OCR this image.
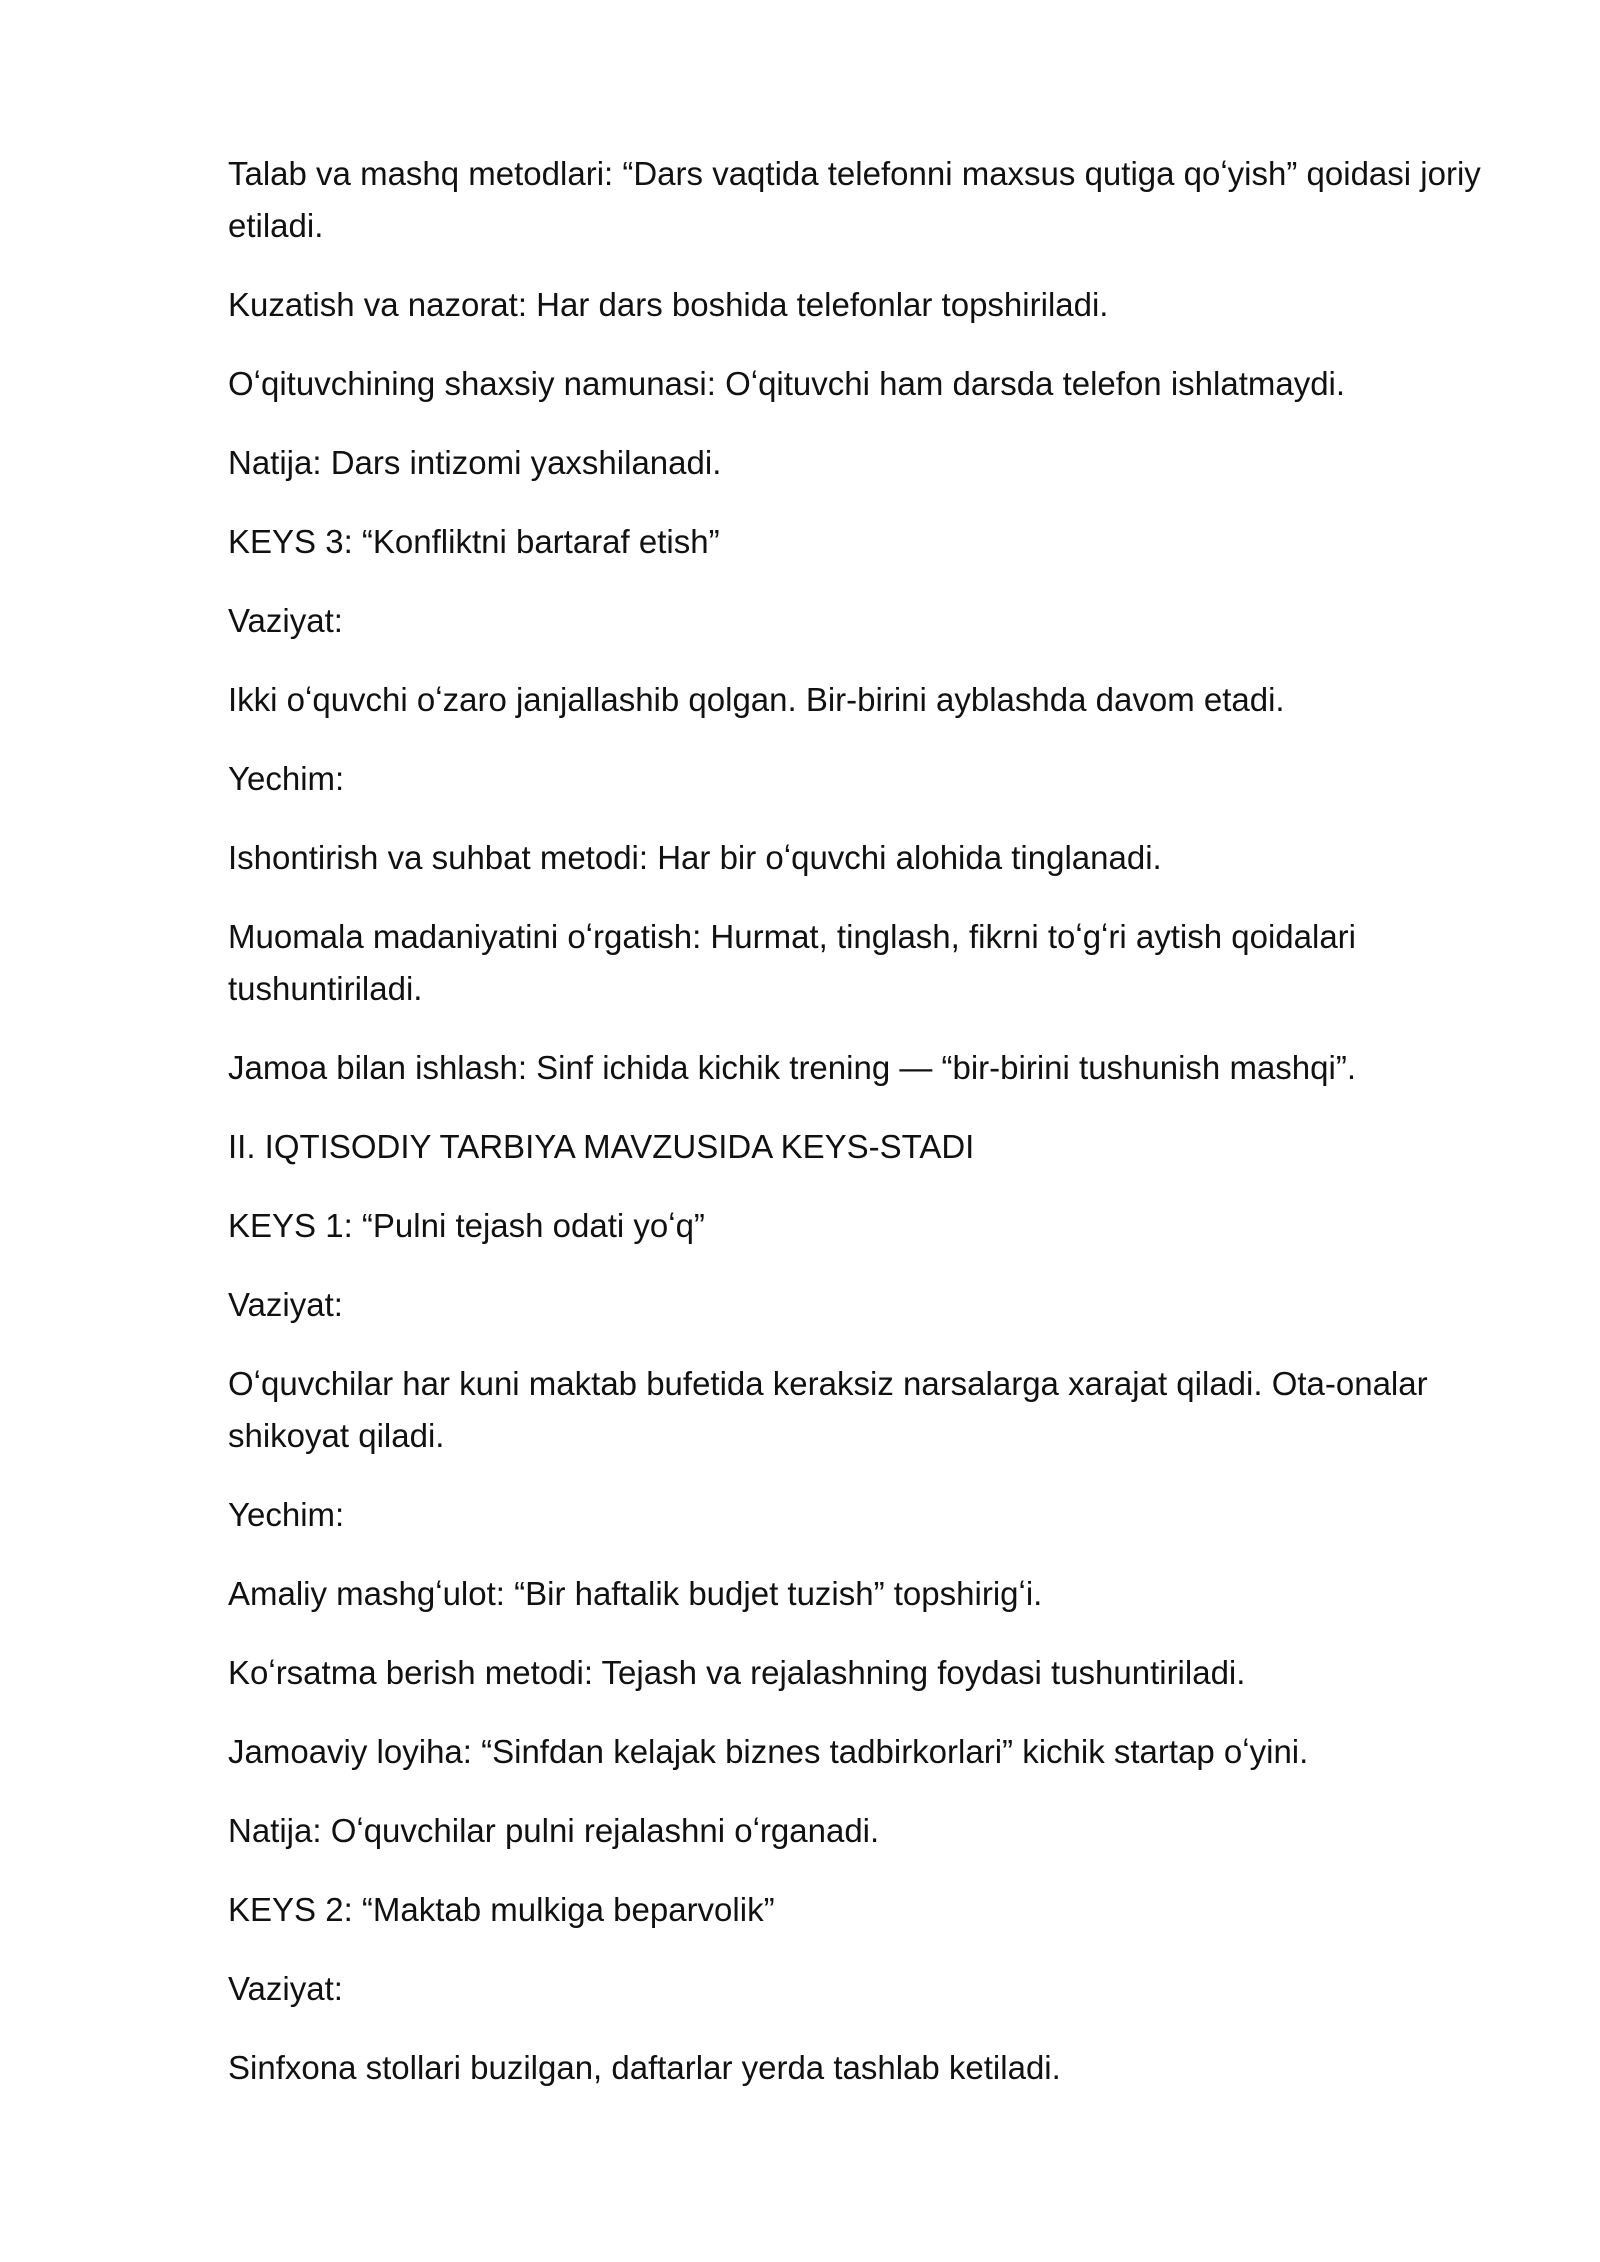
Talab va mashq metodlari: “Dars vaqtida telefonni maxsus qutiga qoʻyish” qoidasi joriy etiladi.

Kuzatish va nazorat: Har dars boshida telefonlar topshiriladi.

Oʻqituvchining shaxsiy namunasi: Oʻqituvchi ham darsda telefon ishlatmaydi.

Natija: Dars intizomi yaxshilanadi.

KEYS 3: “Konfliktni bartaraf etish”

Vaziyat:

Ikki oʻquvchi oʻzaro janjallashib qolgan. Bir-birini ayblashda davom etadi.

Yechim:

Ishontirish va suhbat metodi: Har bir oʻquvchi alohida tinglanadi.

Muomala madaniyatini oʻrgatish: Hurmat, tinglash, fikrni toʻgʻri aytish qoidalari tushuntiriladi.

Jamoa bilan ishlash: Sinf ichida kichik trening — “bir-birini tushunish mashqi”.

II. IQTISODIY TARBIYA MAVZUSIDA KEYS-STADI

KEYS 1: “Pulni tejash odati yoʻq”

Vaziyat:

Oʻquvchilar har kuni maktab bufetida keraksiz narsalarga xarajat qiladi. Ota-onalar shikoyat qiladi.

Yechim:

Amaliy mashgʻulot: “Bir haftalik budjet tuzish” topshirigʻi.

Koʻrsatma berish metodi: Tejash va rejalashning foydasi tushuntiriladi.

Jamoaviy loyiha: “Sinfdan kelajak biznes tadbirkorlari” kichik startap oʻyini.

Natija: Oʻquvchilar pulni rejalashni oʻrganadi.

KEYS 2: “Maktab mulkiga beparvolik”

Vaziyat:

Sinfxona stollari buzilgan, daftarlar yerda tashlab ketiladi.
